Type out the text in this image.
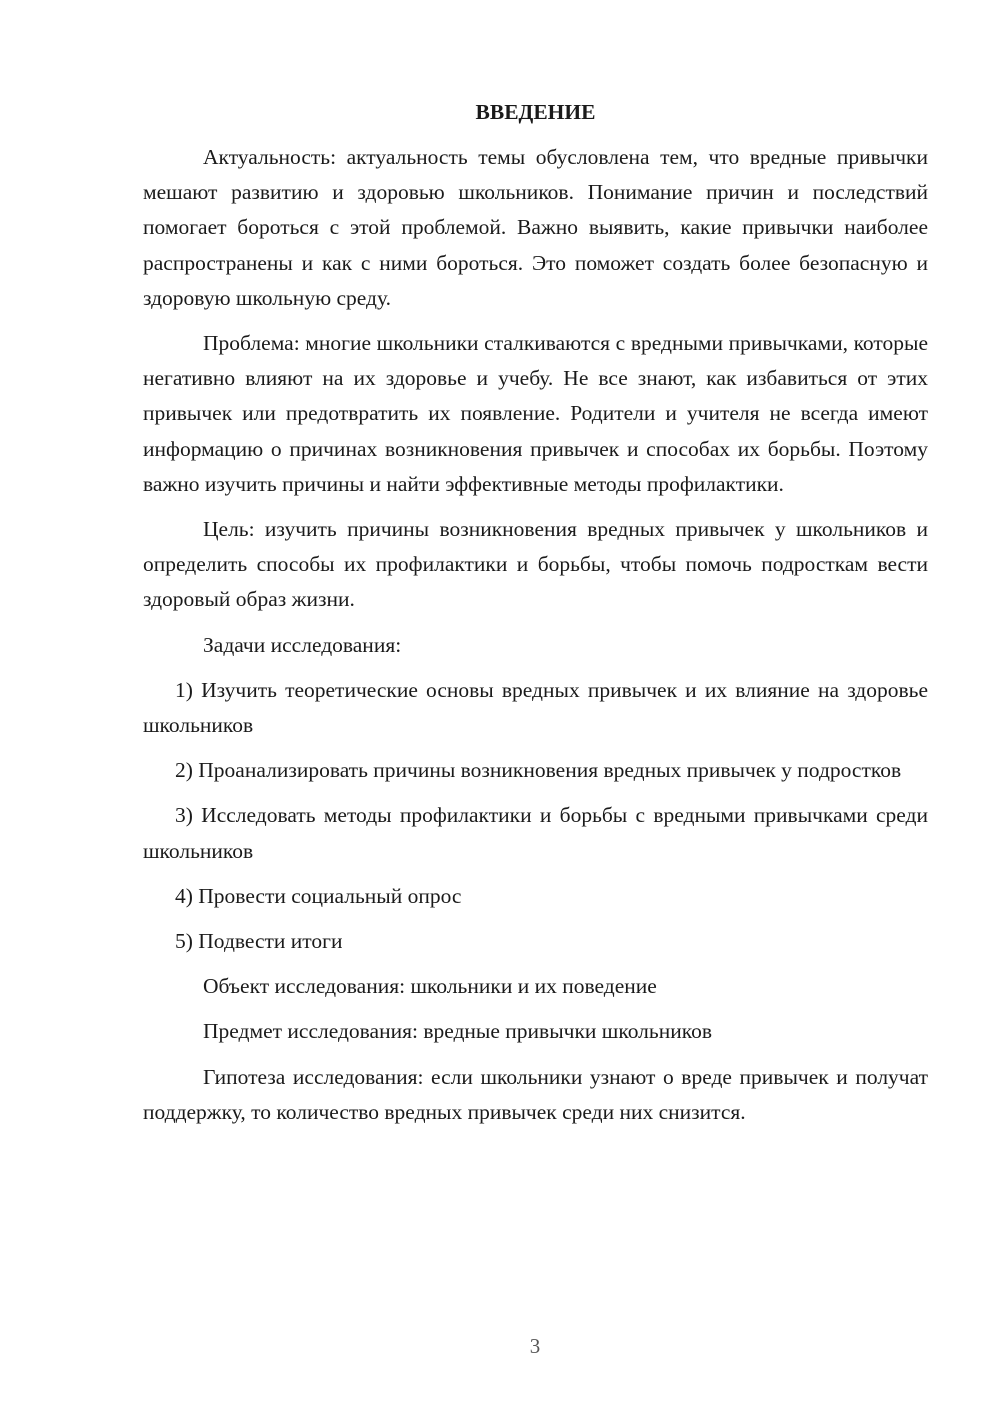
ВВЕДЕНИЕ

Актуальность: актуальность темы обусловлена тем, что вредные привычки мешают развитию и здоровью школьников. Понимание причин и последствий помогает бороться с этой проблемой. Важно выявить, какие привычки наиболее распространены и как с ними бороться. Это поможет создать более безопасную и здоровую школьную среду.

Проблема: многие школьники сталкиваются с вредными привычками, которые негативно влияют на их здоровье и учебу. Не все знают, как избавиться от этих привычек или предотвратить их появление. Родители и учителя не всегда имеют информацию о причинах возникновения привычек и способах их борьбы. Поэтому важно изучить причины и найти эффективные методы профилактики.

Цель: изучить причины возникновения вредных привычек у школьников и определить способы их профилактики и борьбы, чтобы помочь подросткам вести здоровый образ жизни.

Задачи исследования:

1) Изучить теоретические основы вредных привычек и их влияние на здоровье школьников

2) Проанализировать причины возникновения вредных привычек у подростков

3) Исследовать методы профилактики и борьбы с вредными привычками среди школьников

4) Провести социальный опрос

5) Подвести итоги

Объект исследования: школьники и их поведение

Предмет исследования: вредные привычки школьников

Гипотеза исследования: если школьники узнают о вреде привычек и получат поддержку, то количество вредных привычек среди них снизится.

3
